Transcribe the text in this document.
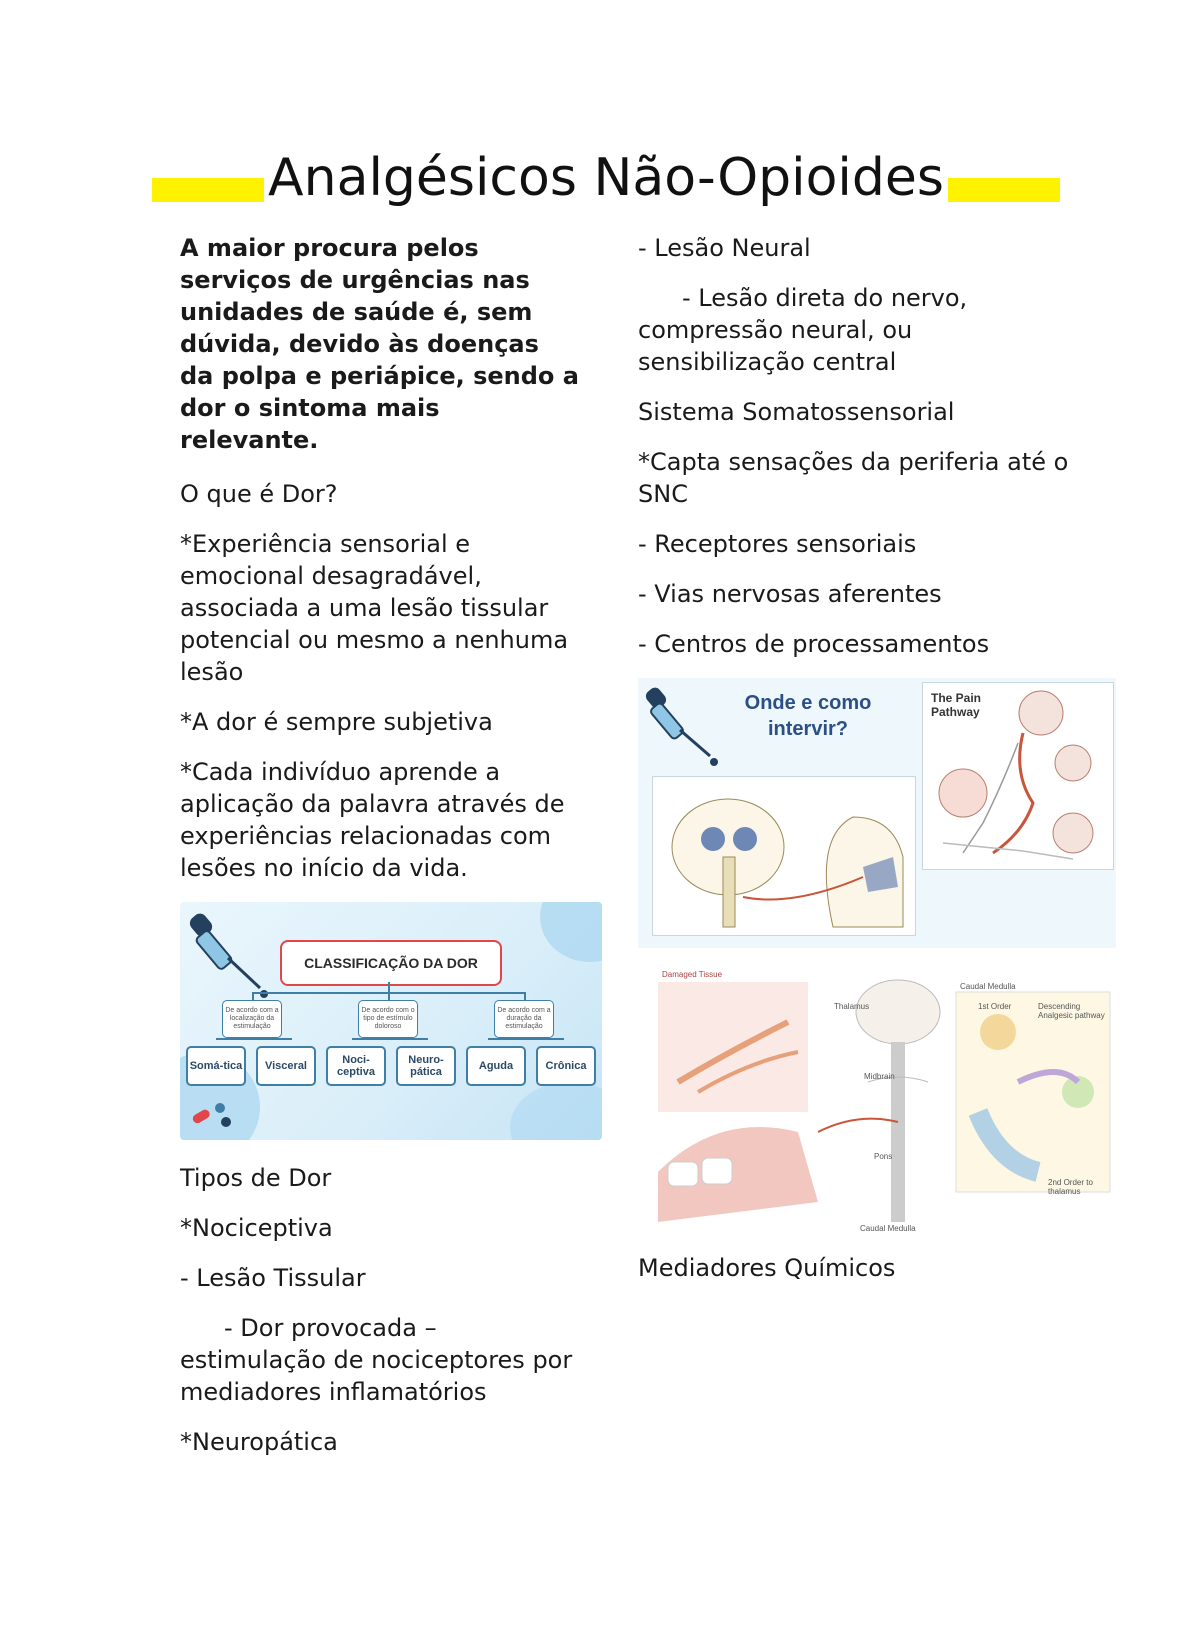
Analgésicos Não-Opioides

A maior procura pelos serviços de urgências nas unidades de saúde é, sem dúvida, devido às doenças da polpa e periápice, sendo a dor o sintoma mais relevante.

O que é Dor?

*Experiência sensorial e emocional desagradável, associada a uma lesão tissular potencial ou mesmo a nenhuma lesão

*A dor é sempre subjetiva

*Cada indivíduo aprende a aplicação da palavra através de experiências relacionadas com lesões no início da vida.

CLASSIFICAÇÃO DA DOR
De acordo com a localização da estimulação
De acordo com o tipo de estímulo doloroso
De acordo com a duração da estimulação
Somá-tica	Visceral	Noci-ceptiva
Neuro-pática	Aguda	Crônica

Tipos de Dor

*Nociceptiva

- Lesão Tissular

- Dor provocada – estimulação de nociceptores por mediadores inflamatórios

*Neuropática

- Lesão Neural

- Lesão direta do nervo, compressão neural, ou sensibilização central

Sistema Somatossensorial

*Capta sensações da periferia até o SNC

- Receptores sensoriais

- Vias nervosas aferentes

- Centros de processamentos

Onde e como intervir?
The Pain Pathway
Damaged Tissue
Thalamus
Midbrain
Pons
Caudal Medulla
Caudal Medulla
Descending Analgesic pathway
1st Order
2nd Order to thalamus

Mediadores Químicos
